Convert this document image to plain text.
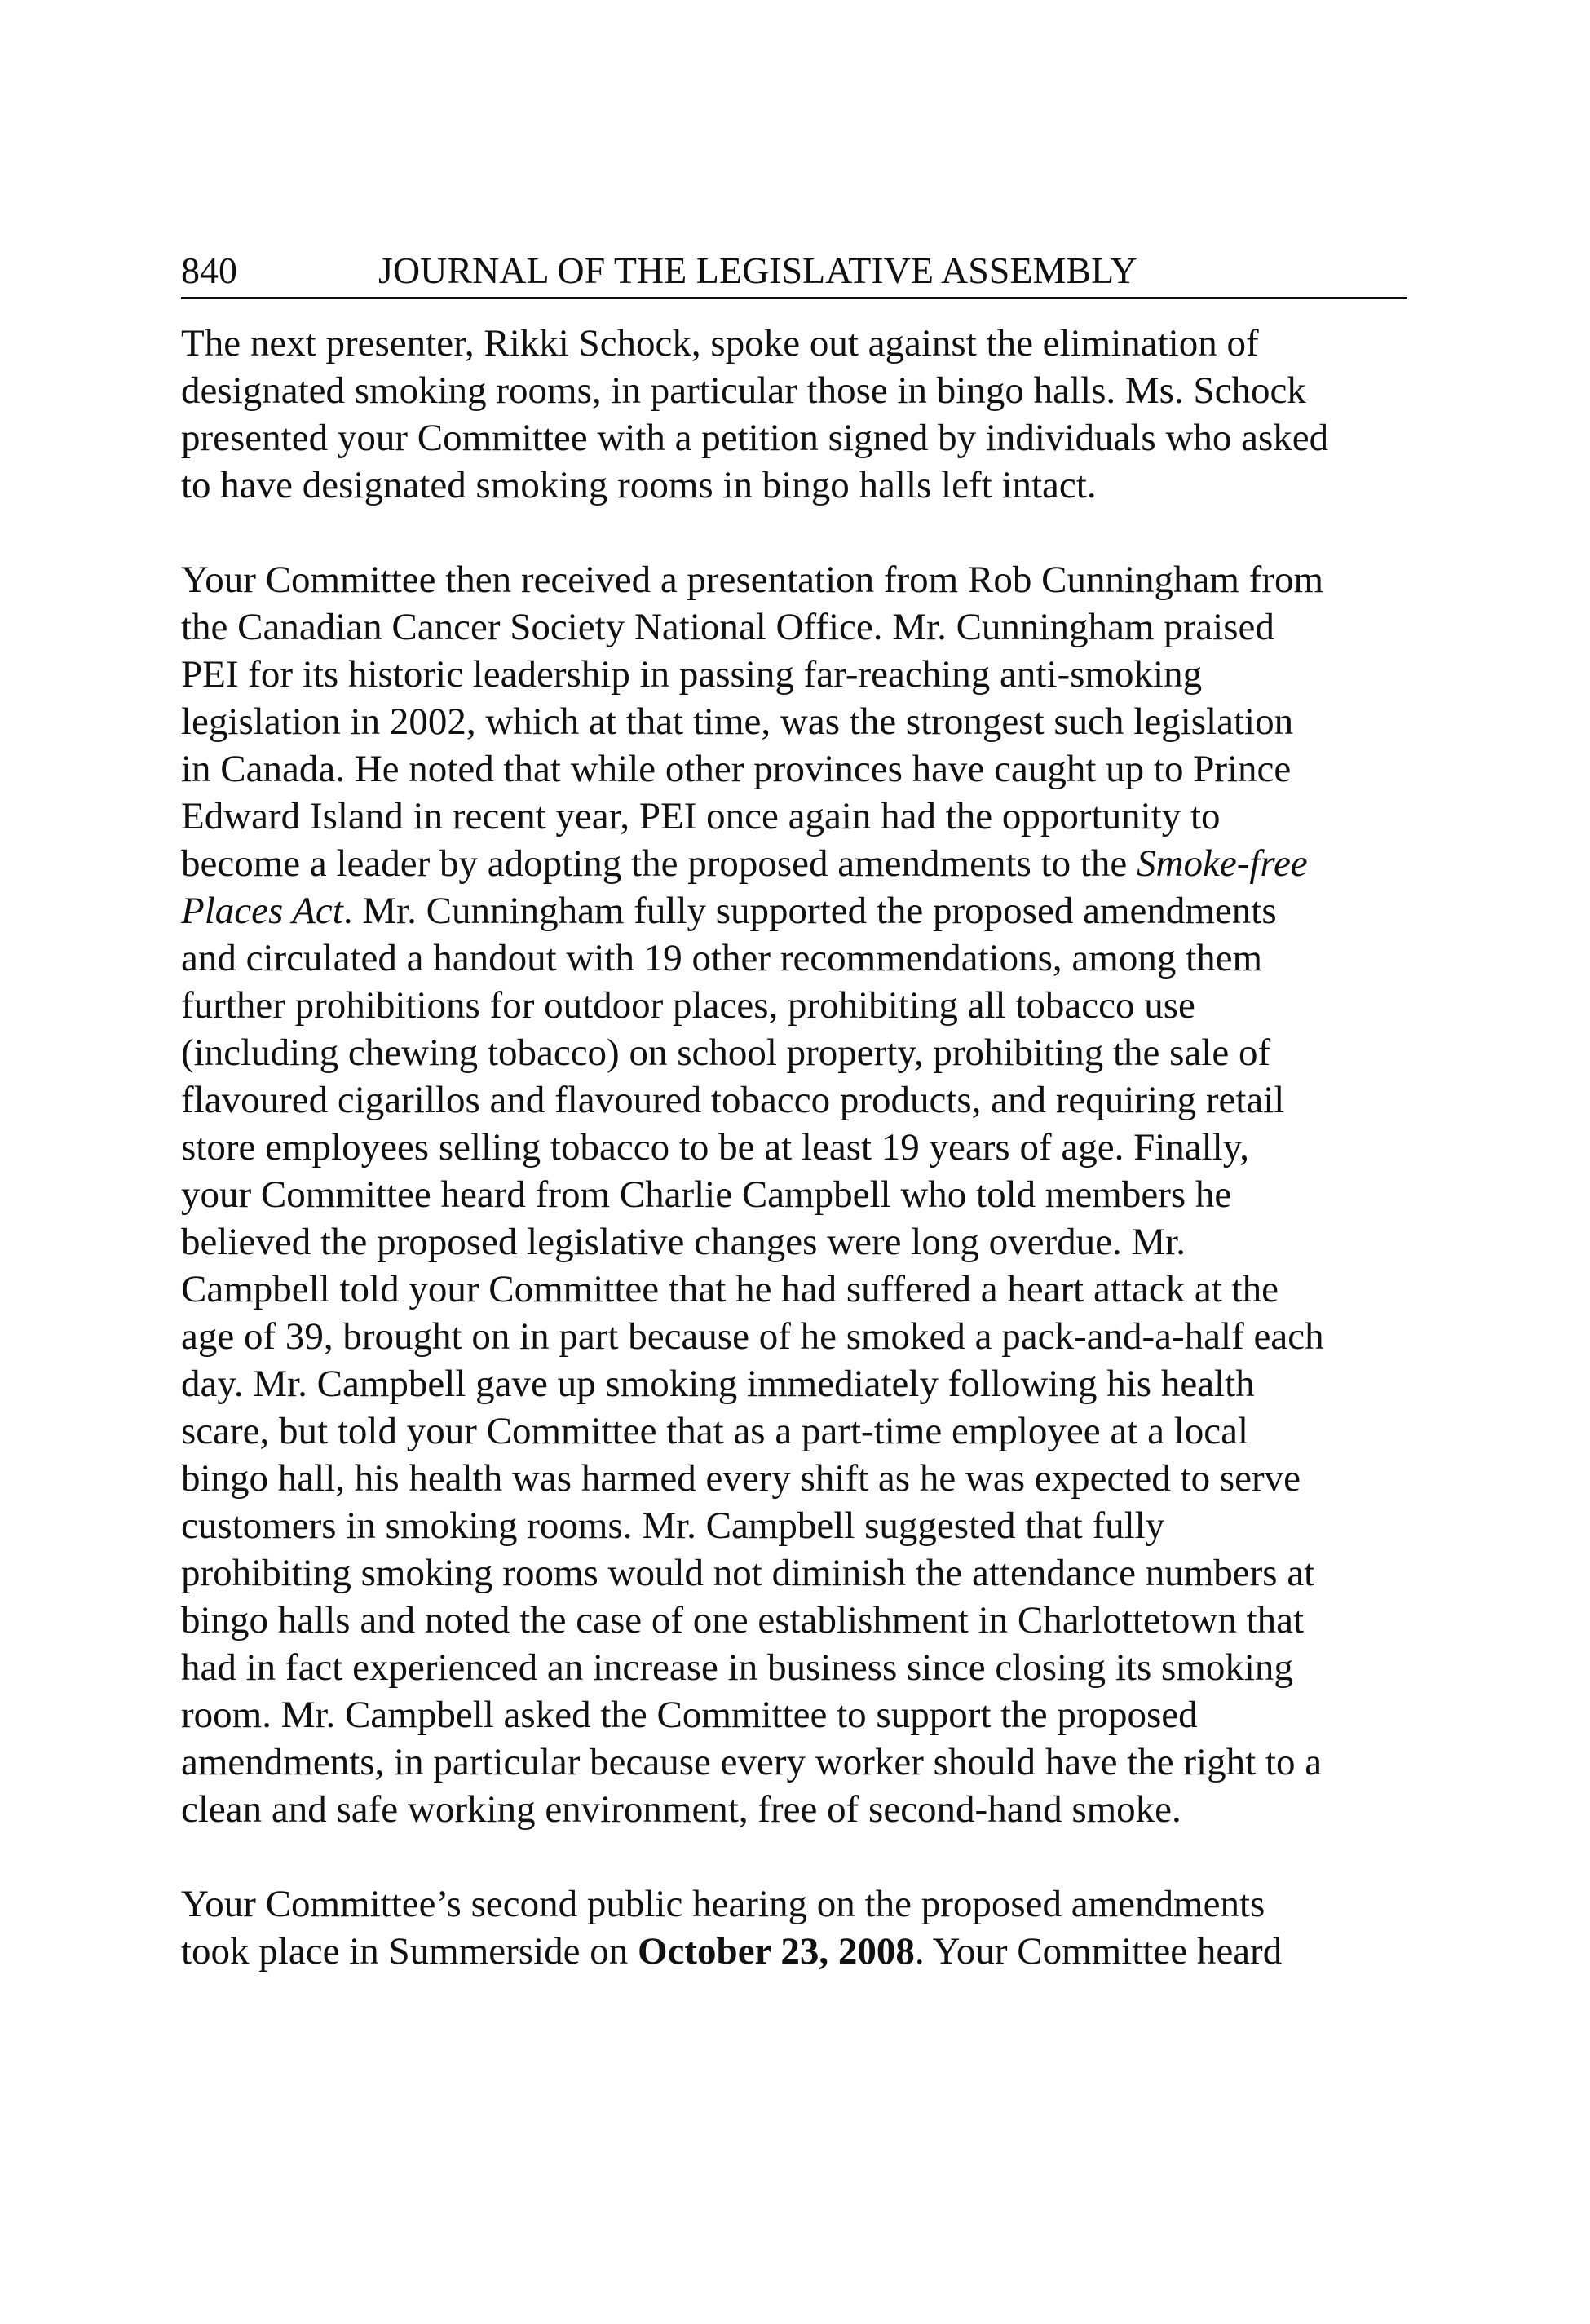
840	JOURNAL OF THE LEGISLATIVE ASSEMBLY
The next presenter, Rikki Schock, spoke out against the elimination of
designated smoking rooms, in particular those in bingo halls. Ms. Schock
presented your Committee with a petition signed by individuals who asked
to have designated smoking rooms in bingo halls left intact.
Your Committee then received a presentation from Rob Cunningham from
the Canadian Cancer Society National Office. Mr. Cunningham praised
PEI for its historic leadership in passing far-reaching anti-smoking
legislation in 2002, which at that time, was the strongest such legislation
in Canada. He noted that while other provinces have caught up to Prince
Edward Island in recent year, PEI once again had the opportunity to
become a leader by adopting the proposed amendments to the Smoke-free
Places Act. Mr. Cunningham fully supported the proposed amendments
and circulated a handout with 19 other recommendations, among them
further prohibitions for outdoor places, prohibiting all tobacco use
(including chewing tobacco) on school property, prohibiting the sale of
flavoured cigarillos and flavoured tobacco products, and requiring retail
store employees selling tobacco to be at least 19 years of age. Finally,
your Committee heard from Charlie Campbell who told members he
believed the proposed legislative changes were long overdue. Mr.
Campbell told your Committee that he had suffered a heart attack at the
age of 39, brought on in part because of he smoked a pack-and-a-half each
day. Mr. Campbell gave up smoking immediately following his health
scare, but told your Committee that as a part-time employee at a local
bingo hall, his health was harmed every shift as he was expected to serve
customers in smoking rooms. Mr. Campbell suggested that fully
prohibiting smoking rooms would not diminish the attendance numbers at
bingo halls and noted the case of one establishment in Charlottetown that
had in fact experienced an increase in business since closing its smoking
room. Mr. Campbell asked the Committee to support the proposed
amendments, in particular because every worker should have the right to a
clean and safe working environment, free of second-hand smoke.
Your Committee’s second public hearing on the proposed amendments
took place in Summerside on October 23, 2008. Your Committee heard
